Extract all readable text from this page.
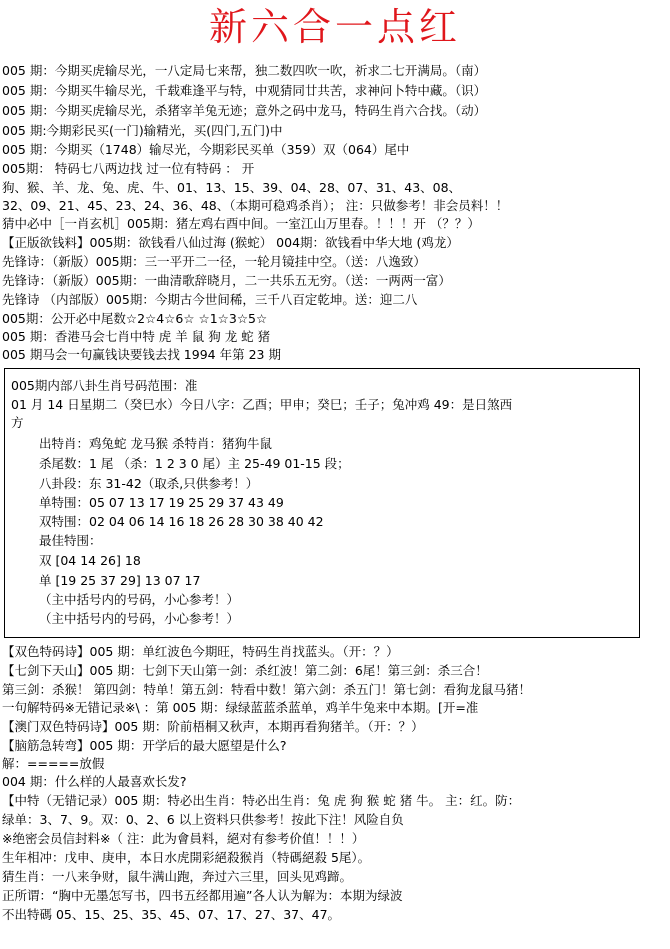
新六合一点红
005 期：今期买虎输尽光，一八定局七来帮，独二数四吹一吹，祈求二七开满局。（南）
005 期：今期买牛输尽光，千载难逢平与特，中观猜同廿共苦，求神问卜特中藏。（识）
005 期：今期买虎输尽光，杀猪宰羊兔无迹；意外之码中龙马，特码生肖六合找。（动）
005 期:今期彩民买(一门)输精光，买(四门,五门)中
005 期：今期买（1748）输尽光，今期彩民买单（359）双（064）尾中
005期： 特码七八两边找 过一位有特码 ： 开
狗、猴、羊、龙、兔、虎、牛、01、13、15、39、04、28、07、31、43、08、
32、09、21、45、23、24、36、48、（本期可稳鸡杀肖）； 注：只做参考！非会员料！！
猜中必中［一肖玄机］005期：猪左鸡右酉中间。一室江山万里春。！！！开 （？？）
【正版欲钱料】005期：欲钱看八仙过海 (猴蛇） 004期：欲钱看中华大地 (鸡龙）
先锋诗：（新版）005期：三一平开二一径，一轮月镜挂中空。（送：八逸致）
先锋诗：（新版）005期：一曲清歌辞晓月，二一共乐五无穷。（送：一两两一富）
先锋诗 （内部版）005期：今期古今世间稀，三千八百定乾坤。送：迎二八
005期：公开必中尾数☆2☆4☆6☆ ☆1☆3☆5☆
005 期：香港马会七肖中特 虎 羊 鼠 狗 龙 蛇 猪
005 期马会一句赢钱诀要钱去找 1994 年第 23 期
005期内部八卦生肖号码范围：准
01 月 14 日星期二（癸巳水）今日八字：乙酉；甲申；癸巳；壬子；兔冲鸡 49：是日煞西
方
出特肖：鸡兔蛇 龙马猴 杀特肖：猪狗牛鼠
杀尾数：1 尾 （杀：1 2 3 0 尾）主 25-49 01-15 段；
八卦段：东 31-42（取杀,只供参考！）
单特围：05 07 13 17 19 25 29 37 43 49
双特围：02 04 06 14 16 18 26 28 30 38 40 42
最佳特围：
双 [04 14 26] 18
单 [19 25 37 29] 13 07 17
（主中括号内的号码，小心参考！）
（主中括号内的号码，小心参考！）
【双色特码诗】005 期：单红波色今期旺，特码生肖找蓝头。（开：？）
【七剑下天山】005 期：七剑下天山第一剑：杀红波！第二剑：6尾！第三剑：杀三合！
第三剑：杀猴！ 第四剑：特单！第五剑：特看中数！第六剑：杀五门！第七剑：看狗龙鼠马猪！
一句解特码※无错记录※\ ：第 005 期：绿绿蓝蓝杀蓝单，鸡羊牛兔来中本期。[开=准
【澳门双色特码诗】005 期：阶前梧桐又秋声，本期再看狗猪羊。（开：？）
【脑筋急转弯】005 期：开学后的最大愿望是什么?
解：=====放假
004 期：什么样的人最喜欢长发?
【中特（无错记录）005 期：特必出生肖：特必出生肖：兔 虎 狗 猴 蛇 猪 牛。 主：红。防：
绿单：3、7、9。双：0、2、6 以上资料只供参考！按此下注！风险自负
※绝密会员信封料※（ 注：此为會員料，絕对有参考价值！！！）
生年相冲：戊申、庚申，本日水虎開彩絕殺猴肖（特碼絕殺 5尾）。
猜生肖：一八来争财，鼠牛满山跑，奔过六三里，回头见鸡蹄。
正所谓：“胸中无墨怎写书，四书五经都用遍”各人认为解为：本期为绿波
不出特碼 05、15、25、35、45、07、17、27、37、47。
